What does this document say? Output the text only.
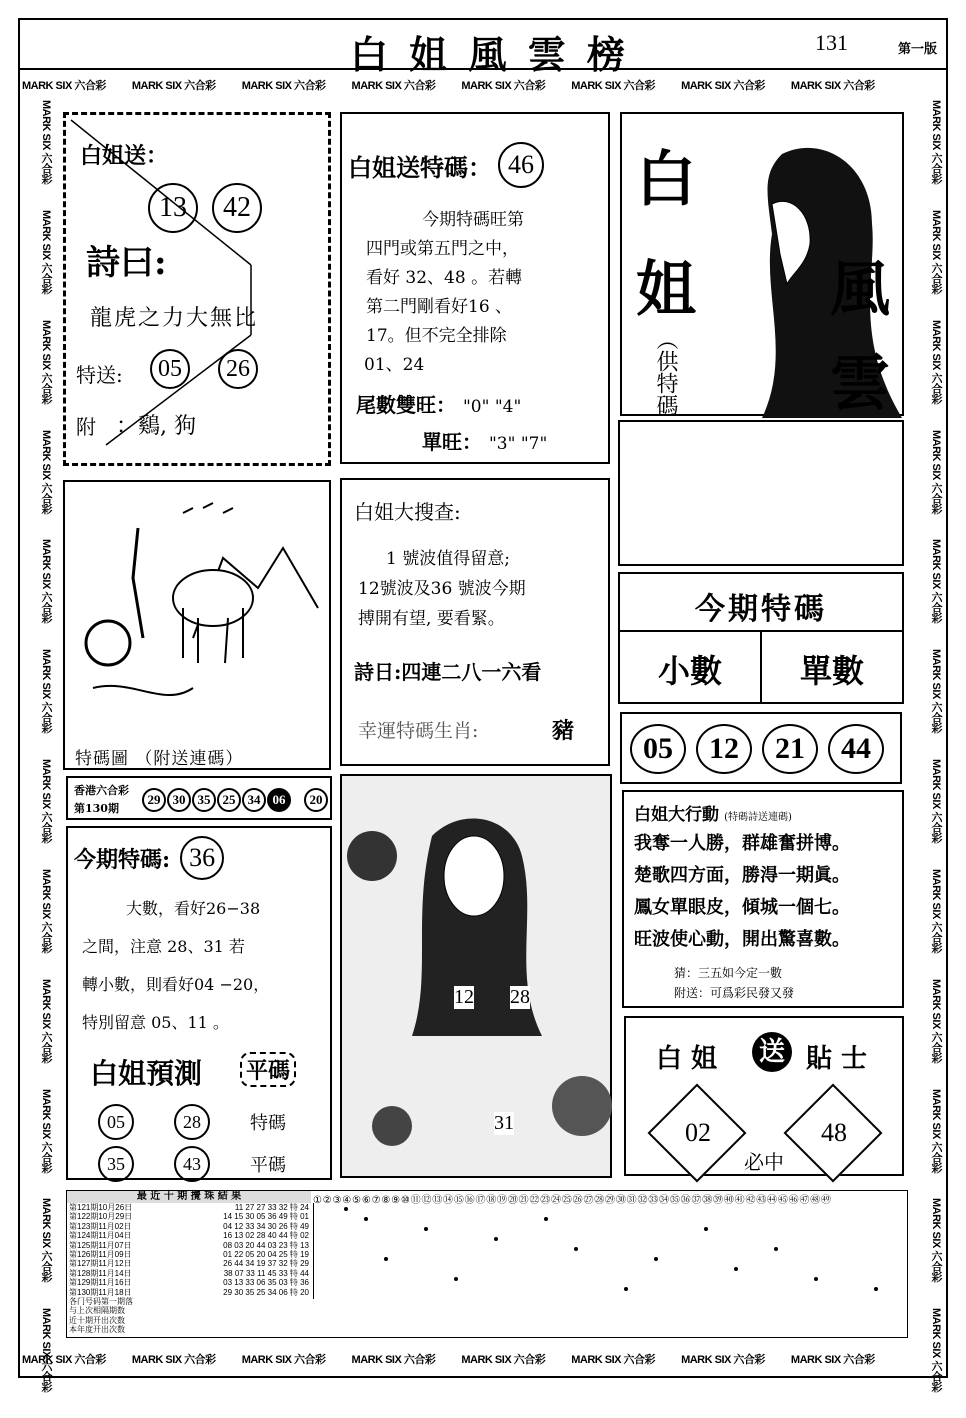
白 姐 風 雲 榜	131	第一版
MARK SIX 六合彩 MARK SIX 六合彩 MARK SIX 六合彩 MARK SIX 六合彩 MARK SIX 六合彩 MARK SIX 六合彩 MARK SIX 六合彩 MARK SIX 六合彩
MARK SIX 六合彩 MARK SIX 六合彩 MARK SIX 六合彩 MARK SIX 六合彩 MARK SIX 六合彩 MARK SIX 六合彩 MARK SIX 六合彩 MARK SIX 六合彩
MARK SIX 六合彩MARK SIX 六合彩MARK SIX 六合彩MARK SIX 六合彩MARK SIX 六合彩MARK SIX 六合彩MARK SIX 六合彩MARK SIX 六合彩MARK SIX 六合彩MARK SIX 六合彩MARK SIX 六合彩MARK SIX 六合彩
MARK SIX 六合彩MARK SIX 六合彩MARK SIX 六合彩MARK SIX 六合彩MARK SIX 六合彩MARK SIX 六合彩MARK SIX 六合彩MARK SIX 六合彩MARK SIX 六合彩MARK SIX 六合彩MARK SIX 六合彩MARK SIX 六合彩
白姐送：
13	42
詩曰:
龍虎之力大無比
特送:	05	26
附 ：鷄, 狗
白姐送特碼： 46
今期特碼旺第
四門或第五門之中，
看好 32、48 。若轉
第二門剛看好16 、
17。但不完全排除
01、24
尾數雙旺： "0" "4"
單旺： "3" "7"
白
姐 風
雲
（供特碼
特碼圖 （附送連碼）
白姐大搜查:
1 號波值得留意;
12號波及36 號波今期
搏開有望, 要看緊。
詩日:四連二八一六看
幸運特碼生肖:	豬
今期特碼
小數	單數
05	12	21	44
香港六合彩
第130期
29 30 35 25 34 06	20
今期特碼: 36
大數，看好26−38
之間，注意 28、31 若
轉小數，則看好04 −20，
特別留意 05、11 。
白姐預測 平碼
05	28	特碼
35	43	平碼
12 28
31
白姐大行動 (特碼詩送連碼)
我奪一人勝，群雄奮拼博。
楚歌四方面，勝淂一期眞。
鳳女單眼皮，傾城一個七。
旺波使心動，開出驚喜數。
猜：三五如今定一數
附送：可爲彩民發又發
白 姐 送 貼 士
02	48
必中
最 近 十 期 攪 珠 結 果
第121期10月26日	11 27 27 33 32 特 24
第122期10月29日	14 15 30 05 36 49 特 01
第123期11月02日	04 12 33 34 30 26 特 49
第124期11月04日	16 13 02 28 40 44 特 02
第125期11月07日	08 03 20 44 03 23 特 13
第126期11月09日	01 22 05 20 04 25 特 19
第127期11月12日	26 44 34 19 37 32 特 29
第128期11月14日	38 07 33 11 45 33 特 44
第129期11月16日	03 13 33 06 35 03 特 36
第130期11月18日	29 30 35 25 34 06 特 20
各门号码第一期落
与上次相隔期数
近十期开出次数
本年度开出次数
①②③④⑤⑥⑦⑧⑨⑩⑪⑫⑬⑭⑮⑯⑰⑱⑲⑳㉑㉒㉓㉔㉕㉖㉗㉘㉙㉚㉛㉜㉝㉞㉟㊱㊲㊳㊴㊵㊶㊷㊸㊹㊺㊻㊼㊽㊾
